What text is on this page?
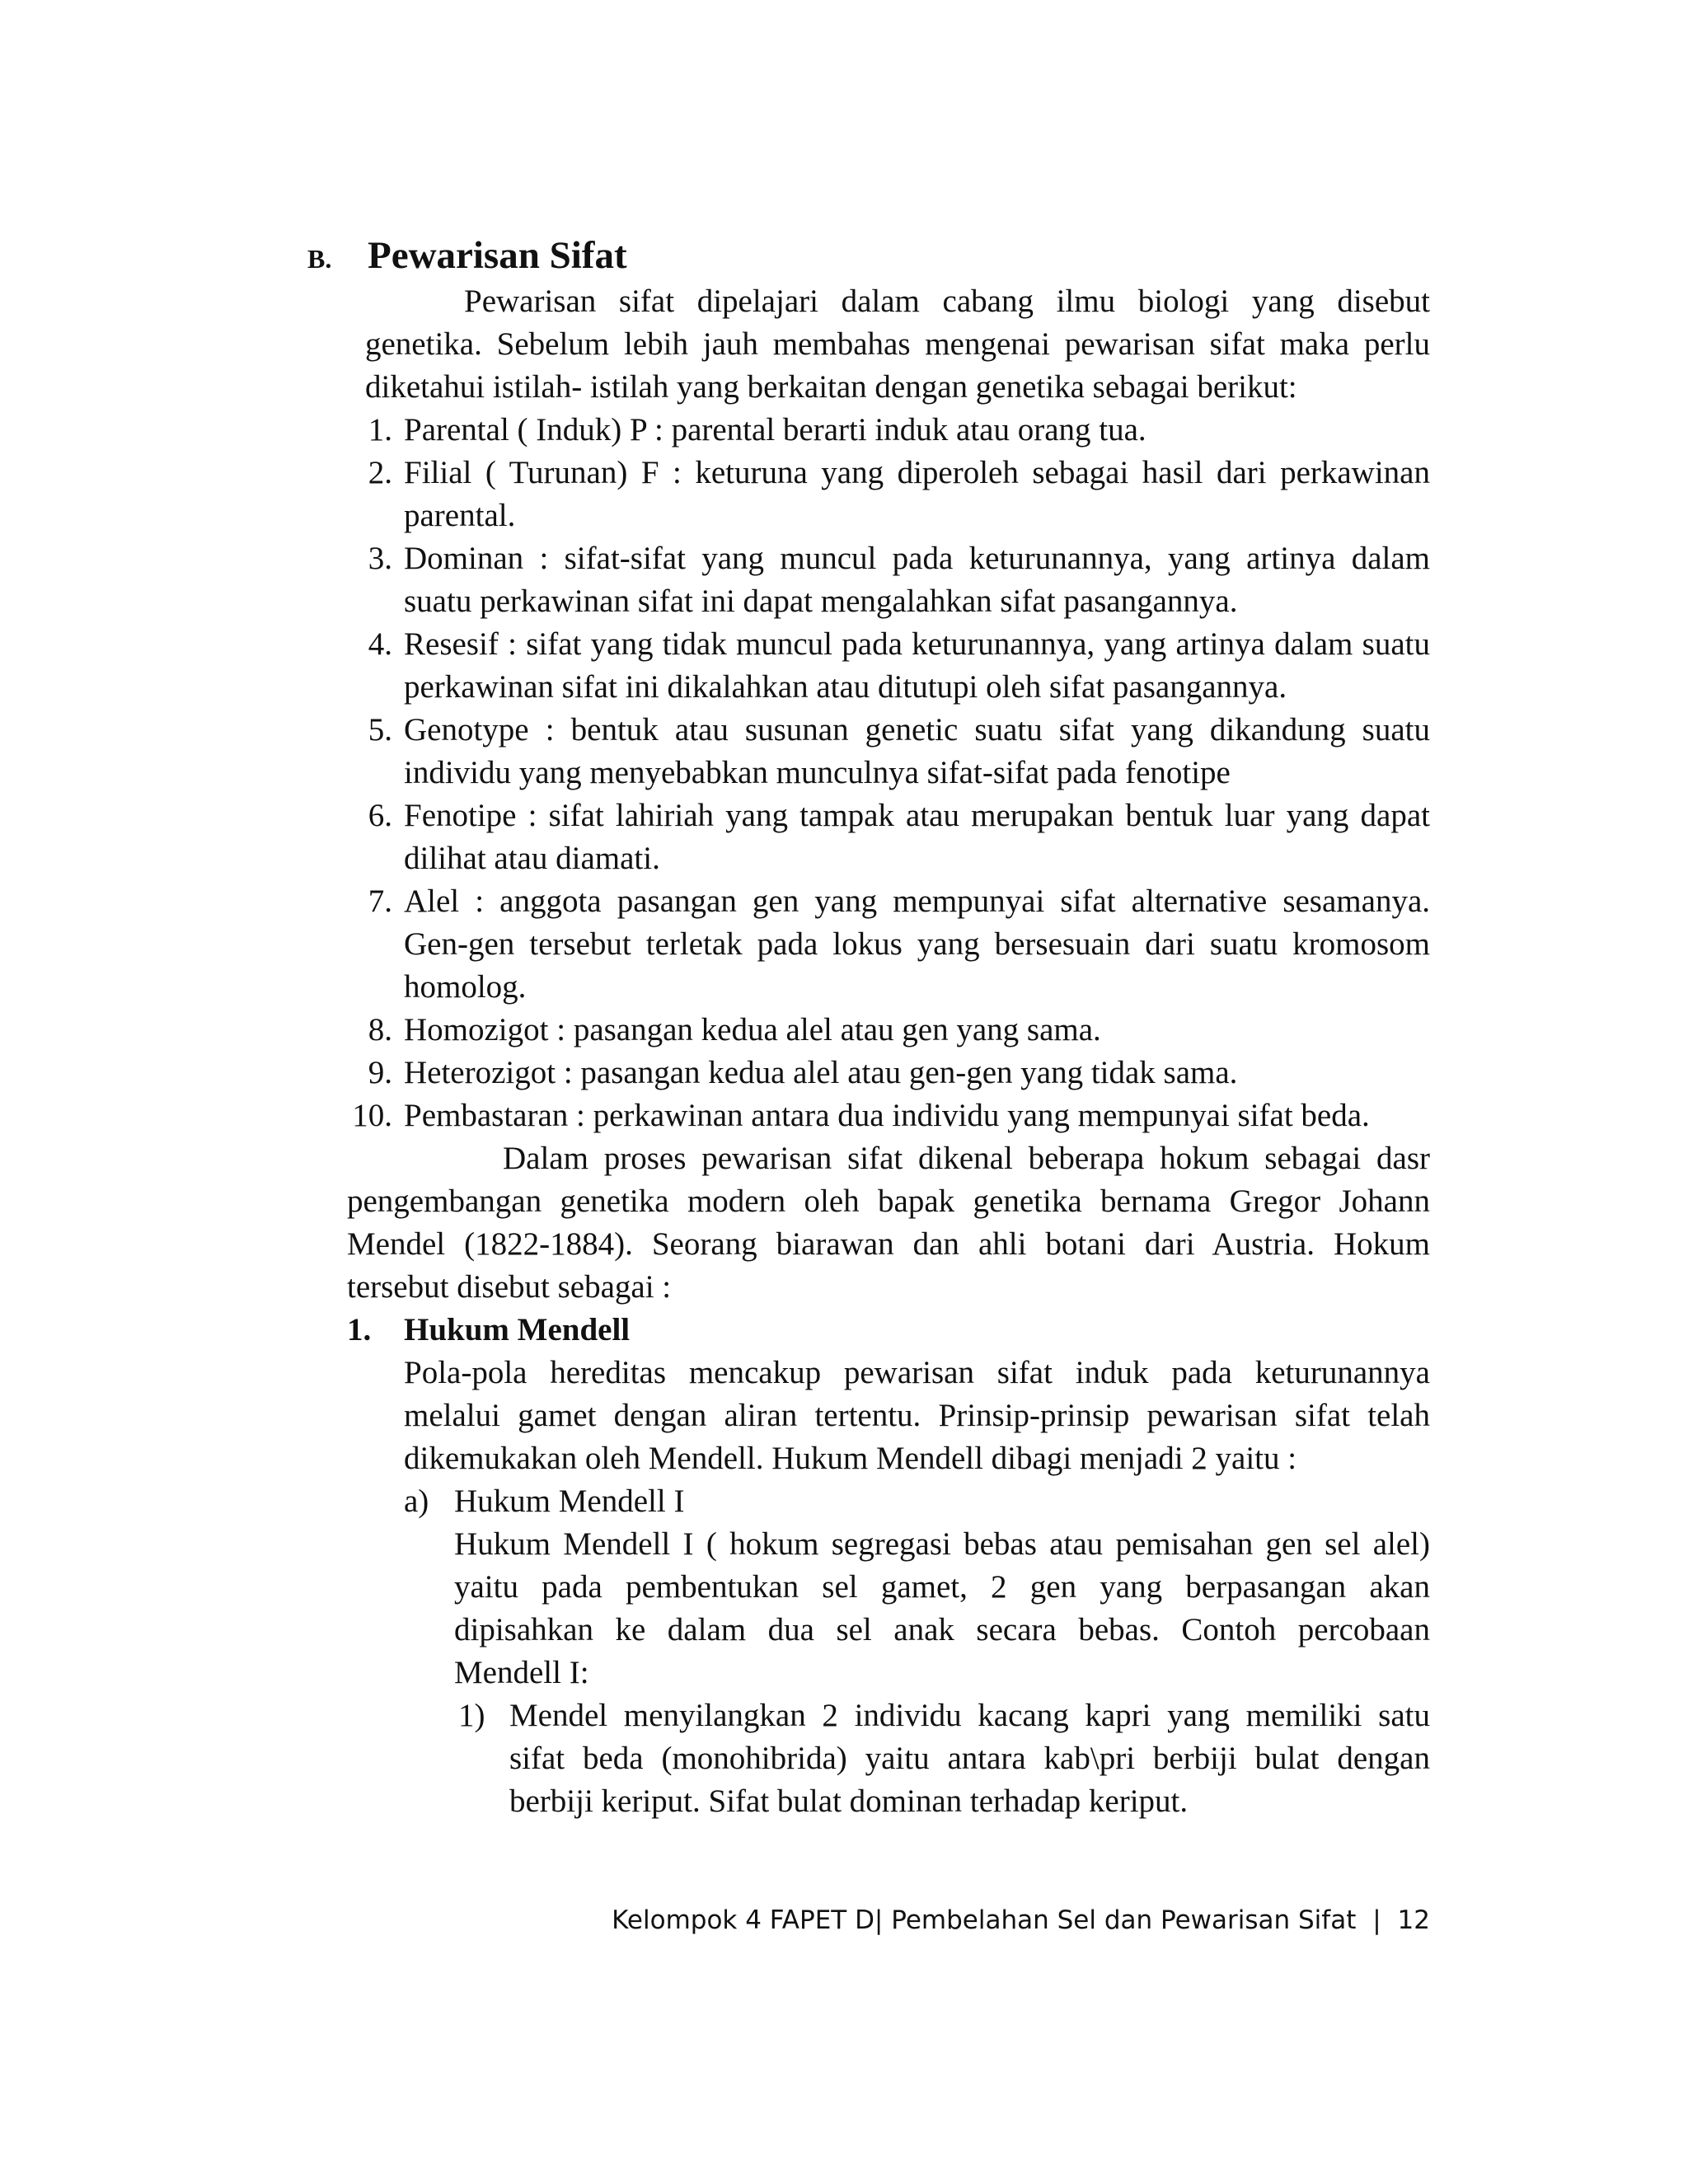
B. Pewarisan Sifat
Pewarisan sifat dipelajari dalam cabang ilmu biologi yang disebut
genetika. Sebelum lebih jauh membahas mengenai pewarisan sifat maka perlu
diketahui istilah- istilah yang berkaitan dengan genetika sebagai berikut:
1. Parental ( Induk) P : parental berarti induk atau orang tua.
2. Filial ( Turunan) F : keturuna yang diperoleh sebagai hasil dari perkawinan
parental.
3. Dominan : sifat-sifat yang muncul pada keturunannya, yang artinya dalam
suatu perkawinan sifat ini dapat mengalahkan sifat pasangannya.
4. Resesif : sifat yang tidak muncul pada keturunannya, yang artinya dalam suatu
perkawinan sifat ini dikalahkan atau ditutupi oleh sifat pasangannya.
5. Genotype : bentuk atau susunan genetic suatu sifat yang dikandung suatu
individu yang menyebabkan munculnya sifat-sifat pada fenotipe
6. Fenotipe : sifat lahiriah yang tampak atau merupakan bentuk luar yang dapat
dilihat atau diamati.
7. Alel : anggota pasangan gen yang mempunyai sifat alternative sesamanya.
Gen-gen tersebut terletak pada lokus yang bersesuain dari suatu kromosom
homolog.
8. Homozigot : pasangan kedua alel atau gen yang sama.
9. Heterozigot : pasangan kedua alel atau gen-gen yang tidak sama.
10. Pembastaran : perkawinan antara dua individu yang mempunyai sifat beda.
Dalam proses pewarisan sifat dikenal beberapa hokum sebagai dasr
pengembangan genetika modern oleh bapak genetika bernama Gregor Johann
Mendel (1822-1884). Seorang biarawan dan ahli botani dari Austria. Hokum
tersebut disebut sebagai :
1. Hukum Mendell
Pola-pola hereditas mencakup pewarisan sifat induk pada keturunannya
melalui gamet dengan aliran tertentu. Prinsip-prinsip pewarisan sifat telah
dikemukakan oleh Mendell. Hukum Mendell dibagi menjadi 2 yaitu :
a) Hukum Mendell I
Hukum Mendell I ( hokum segregasi bebas atau pemisahan gen sel alel)
yaitu pada pembentukan sel gamet, 2 gen yang berpasangan akan
dipisahkan ke dalam dua sel anak secara bebas. Contoh percobaan
Mendell I:
1) Mendel menyilangkan 2 individu kacang kapri yang memiliki satu
sifat beda (monohibrida) yaitu antara kab\pri berbiji bulat dengan
berbiji keriput. Sifat bulat dominan terhadap keriput.
Kelompok 4 FAPET D| Pembelahan Sel dan Pewarisan Sifat | 12
